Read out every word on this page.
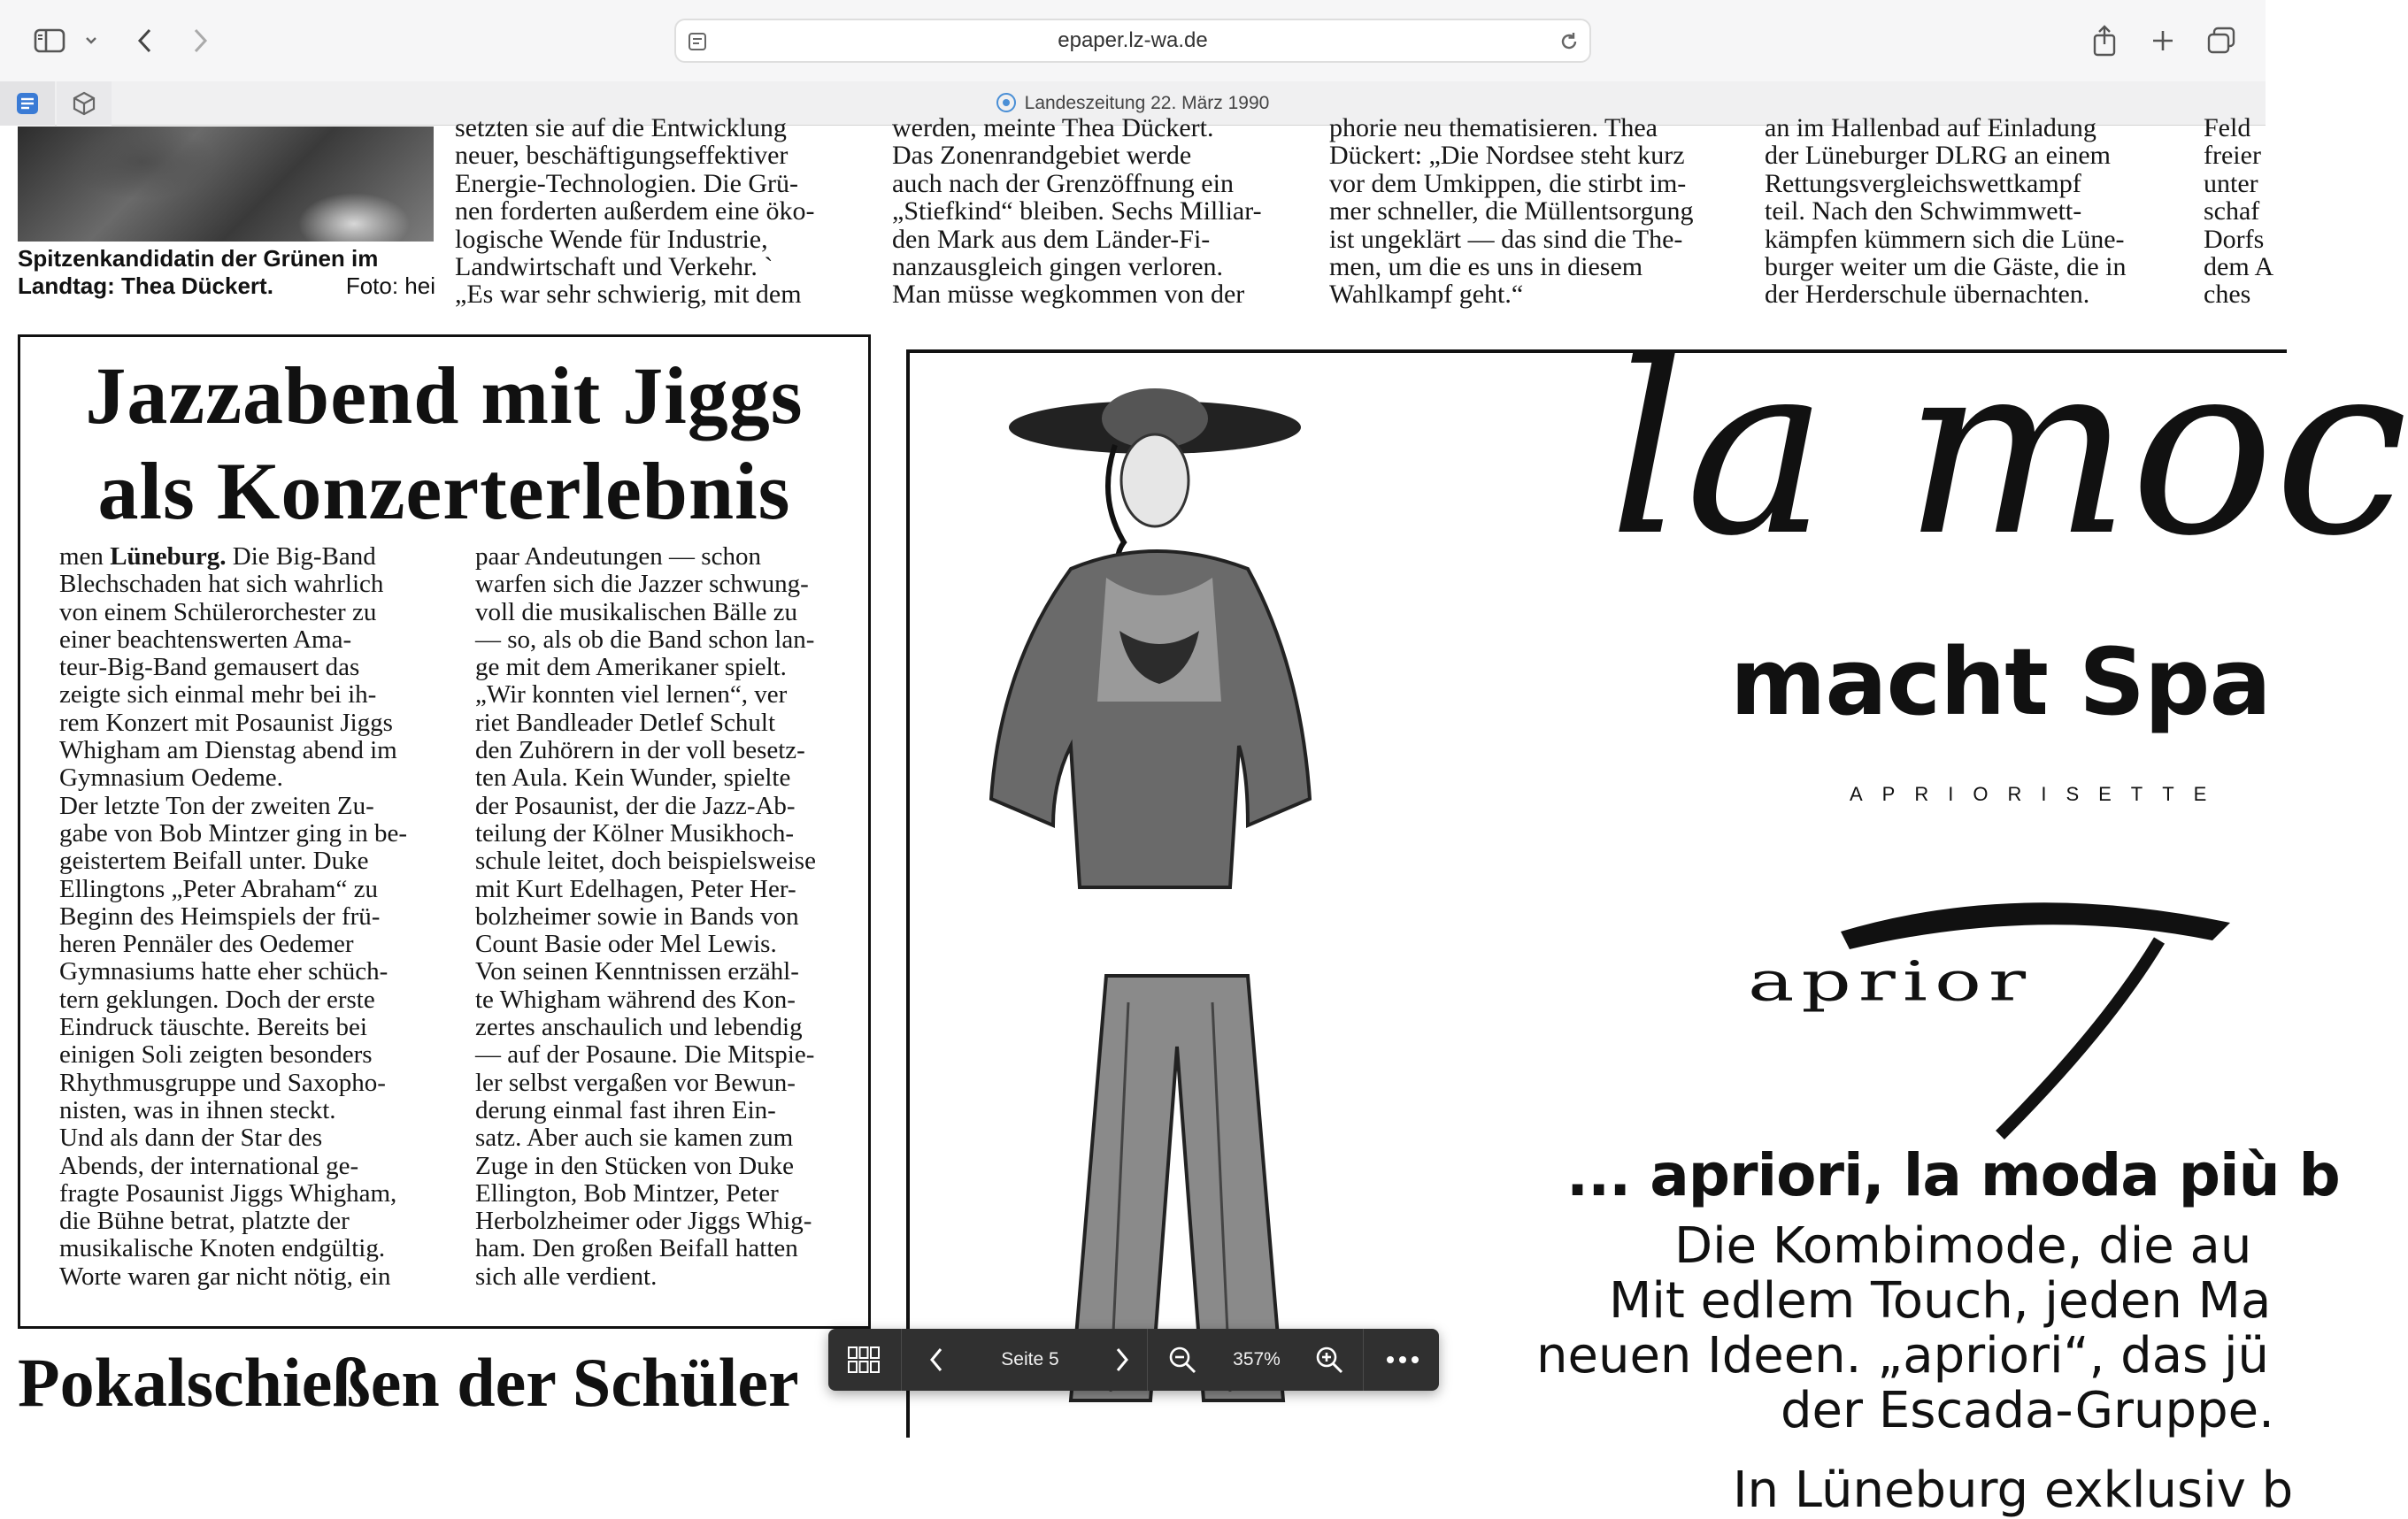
epaper.lz-wa.de
Landeszeitung 22. März 1990
Spitzenkandidatin der Grünen im Landtag: Thea Dückert.	Foto: hei

setzten sie auf die Entwicklung

neuer, beschäftigungseffektiver

Energie-Technologien. Die Grü-

nen forderten außerdem eine öko-

logische Wende für Industrie,

Landwirtschaft und Verkehr. `

„Es war sehr schwierig, mit dem

werden, meinte Thea Dückert.

Das Zonenrandgebiet werde

auch nach der Grenzöffnung ein

„Stiefkind“ bleiben. Sechs Milliar-

den Mark aus dem Länder-Fi-

nanzausgleich gingen verloren.

Man müsse wegkommen von der

phorie neu thematisieren. Thea

Dückert: „Die Nordsee steht kurz

vor dem Umkippen, die stirbt im-

mer schneller, die Müllentsorgung

ist ungeklärt — das sind die The-

men, um die es uns in diesem

Wahlkampf geht.“

an im Hallenbad auf Einladung

der Lüneburger DLRG an einem

Rettungsvergleichswettkampf

teil. Nach den Schwimmwett-

kämpfen kümmern sich die Lüne-

burger weiter um die Gäste, die in

der Herderschule übernachten.

Feld

freier

unter

schaf

Dorfs

dem A

ches

Jazzabend mit Jiggs
als Konzerterlebnis

men Lüneburg. Die Big-Band

Blechschaden hat sich wahrlich

von einem Schülerorchester zu

einer beachtenswerten Ama-

teur-Big-Band gemausert das

zeigte sich einmal mehr bei ih-

rem Konzert mit Posaunist Jiggs

Whigham am Dienstag abend im

Gymnasium Oedeme.

Der letzte Ton der zweiten Zu-

gabe von Bob Mintzer ging in be-

geistertem Beifall unter. Duke

Ellingtons „Peter Abraham“ zu

Beginn des Heimspiels der frü-

heren Pennäler des Oedemer

Gymnasiums hatte eher schüch-

tern geklungen. Doch der erste

Eindruck täuschte. Bereits bei

einigen Soli zeigten besonders

Rhythmusgruppe und Saxopho-

nisten, was in ihnen steckt.

Und als dann der Star des

Abends, der international ge-

fragte Posaunist Jiggs Whigham,

die Bühne betrat, platzte der

musikalische Knoten endgültig.

Worte waren gar nicht nötig, ein

paar Andeutungen — schon

warfen sich die Jazzer schwung-

voll die musikalischen Bälle zu

— so, als ob die Band schon lan-

ge mit dem Amerikaner spielt.

„Wir konnten viel lernen“, ver

riet Bandleader Detlef Schult

den Zuhörern in der voll besetz-

ten Aula. Kein Wunder, spielte

der Posaunist, der die Jazz-Ab-

teilung der Kölner Musikhoch-

schule leitet, doch beispielsweise

mit Kurt Edelhagen, Peter Her-

bolzheimer sowie in Bands von

Count Basie oder Mel Lewis.

Von seinen Kenntnissen erzähl-

te Whigham während des Kon-

zertes anschaulich und lebendig

— auf der Posaune. Die Mitspie-

ler selbst vergaßen vor Bewun-

derung einmal fast ihren Ein-

satz. Aber auch sie kamen zum

Zuge in den Stücken von Duke

Ellington, Bob Mintzer, Peter

Herbolzheimer oder Jiggs Whig-

ham. Den großen Beifall hatten

sich alle verdient.

Pokalschießen der Schüler
la moc
macht Spa
APRIORISETTE
aprior
... apriori, la moda più b
Die Kombimode, die au
Mit edlem Touch, jeden Ma
neuen Ideen. „apriori“, das jü
der Escada-Gruppe.
In Lüneburg exklusiv b
Seite 5	357%
